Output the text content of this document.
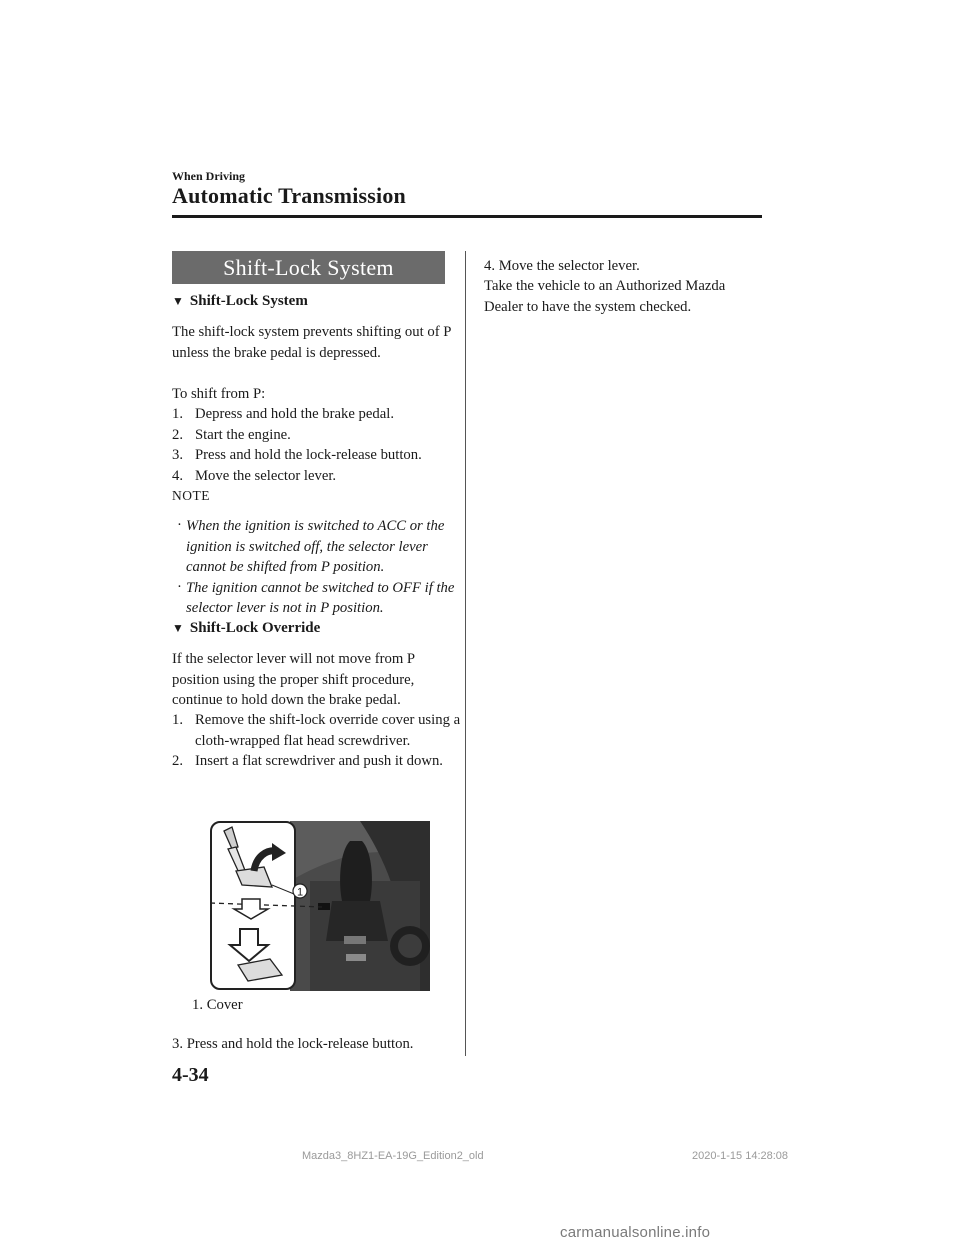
When Driving
Automatic Transmission
Shift-Lock System
▼ Shift-Lock System
The shift-lock system prevents shifting out of P unless the brake pedal is depressed.
To shift from P:
1. Depress and hold the brake pedal.
2. Start the engine.
3. Press and hold the lock-release button.
4. Move the selector lever.
NOTE
· When the ignition is switched to ACC or the ignition is switched off, the selector lever cannot be shifted from P position.
· The ignition cannot be switched to OFF if the selector lever is not in P position.
▼ Shift-Lock Override
If the selector lever will not move from P position using the proper shift procedure, continue to hold down the brake pedal.
1. Remove the shift-lock override cover using a cloth-wrapped flat head screwdriver.
2. Insert a flat screwdriver and push it down.
1
1. Cover
3. Press and hold the lock-release button.
4. Move the selector lever.
Take the vehicle to an Authorized Mazda Dealer to have the system checked.
4-34
Mazda3_8HZ1-EA-19G_Edition2_old	2020-1-15 14:28:08
carmanualsonline.info
